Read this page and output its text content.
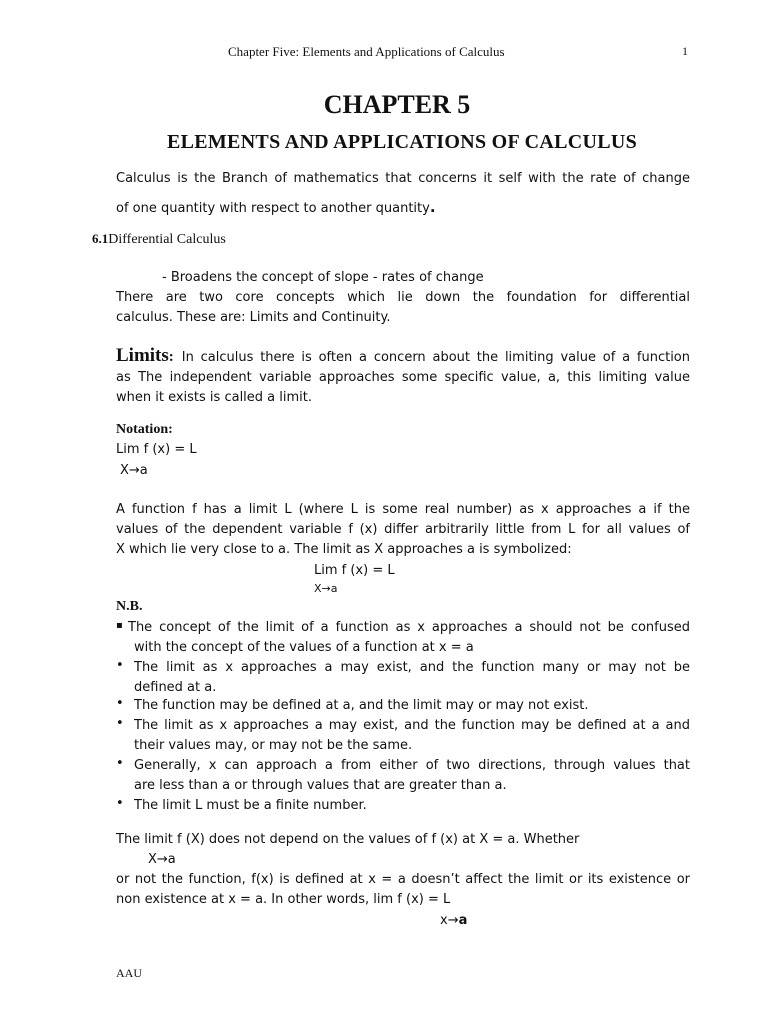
Chapter Five: Elements and Applications of Calculus	1
CHAPTER 5
ELEMENTS AND APPLICATIONS OF CALCULUS
Calculus is the Branch of mathematics that concerns it self with the rate of change
of one quantity with respect to another quantity.
6.1Differential Calculus
- Broadens the concept of slope - rates of change
There are two core concepts which lie down the foundation for differential
calculus. These are: Limits and Continuity.
Limits : In calculus there is often a concern about the limiting value of a function
as The independent variable approaches some specific value, a, this limiting value
when it exists is called a limit.
Notation:
Lim f (x) = L
X→a
A function f has a limit L (where L is some real number) as x approaches a if the
values of the dependent variable f (x) differ arbitrarily little from L for all values of
X which lie very close to a. The limit as X approaches a is symbolized:
Lim f (x) = L
X→a
N.B.
▪ The concept of the limit of a function as x approaches a should not be confused
with the concept of the values of a function at x = a
• The limit as x approaches a may exist, and the function many or may not be
defined at a.
• The function may be defined at a, and the limit may or may not exist.
• The limit as x approaches a may exist, and the function may be defined at a and
their values may, or may not be the same.
• Generally, x can approach a from either of two directions, through values that
are less than a or through values that are greater than a.
• The limit L must be a finite number.
The limit f (X) does not depend on the values of f (x) at X = a. Whether
X→a
or not the function, f(x) is defined at x = a doesn’t affect the limit or its existence or
non existence at x = a. In other words, lim f (x) = L
x→a
AAU
